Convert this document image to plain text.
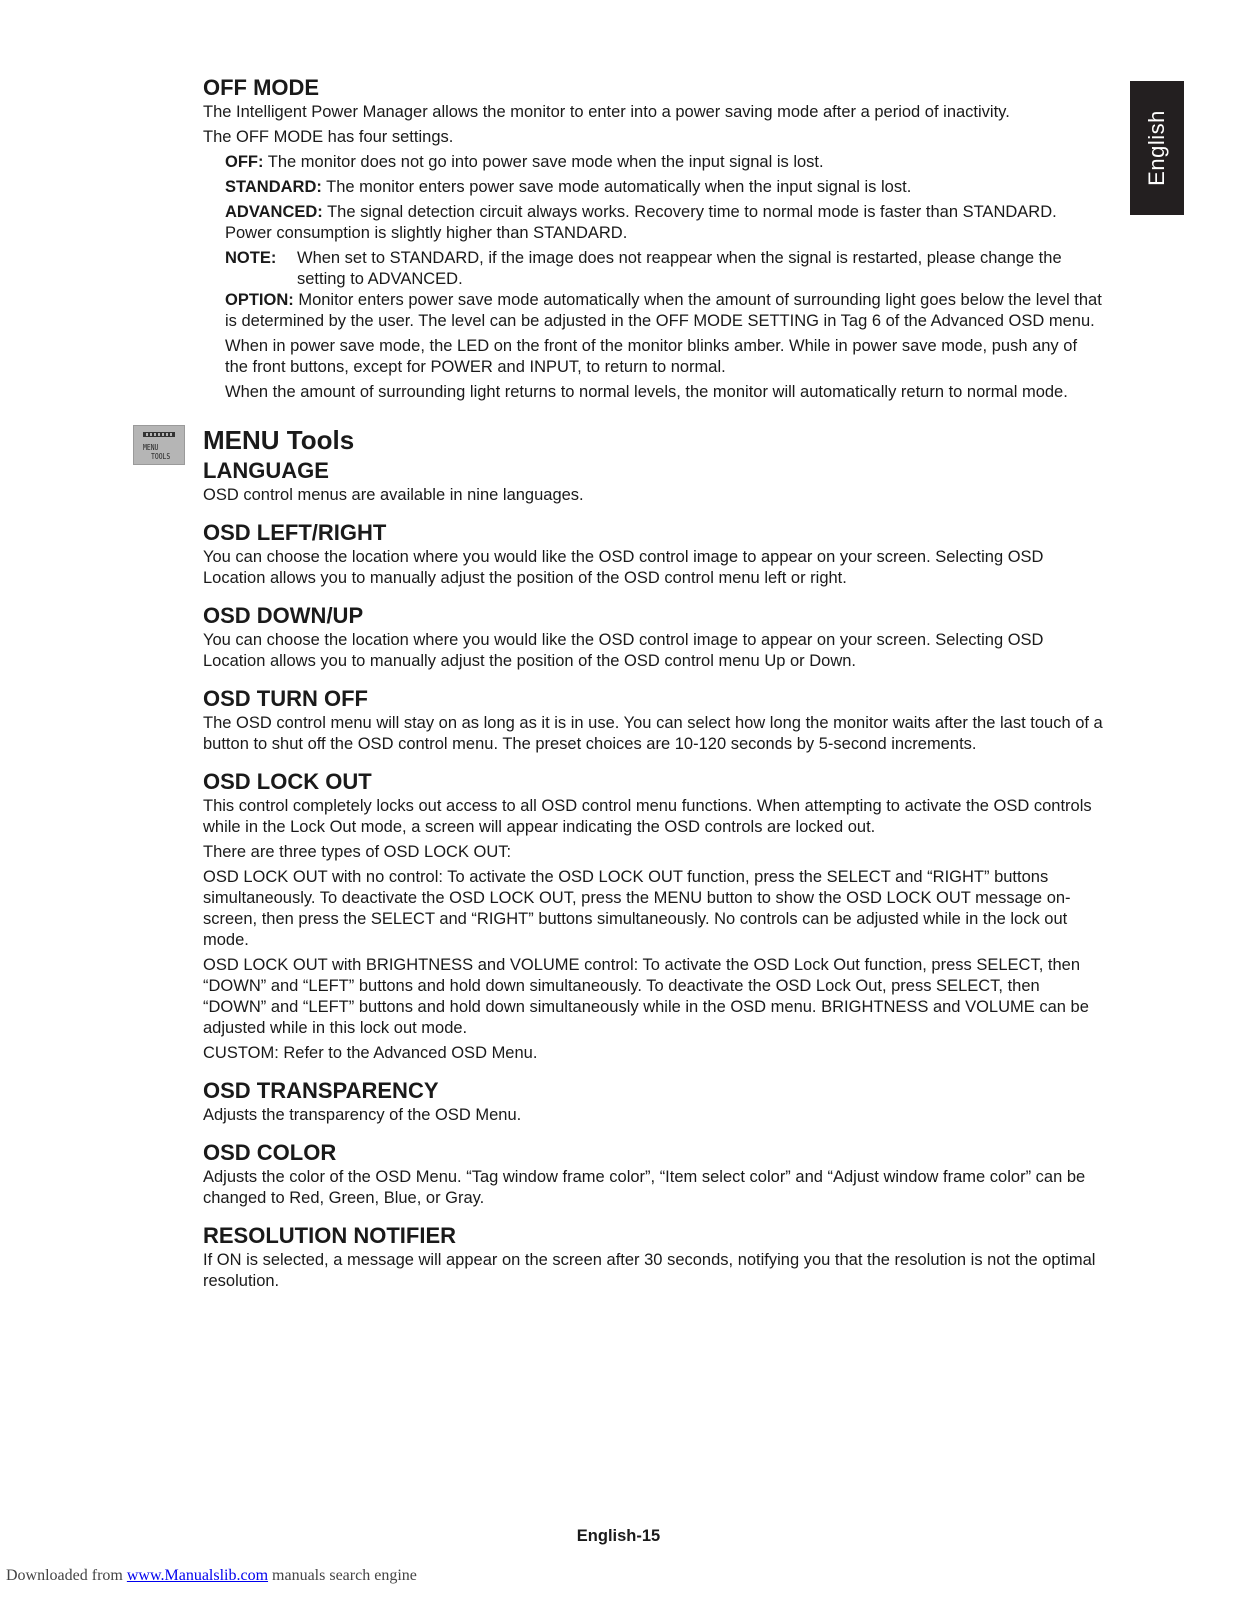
English
OFF MODE

The Intelligent Power Manager allows the monitor to enter into a power saving mode after a period of inactivity.

The OFF MODE has four settings.

OFF: The monitor does not go into power save mode when the input signal is lost.

STANDARD: The monitor enters power save mode automatically when the input signal is lost.

ADVANCED: The signal detection circuit always works. Recovery time to normal mode is faster than STANDARD. Power consumption is slightly higher than STANDARD.

NOTE:	When set to STANDARD, if the image does not reappear when the signal is restarted, please change the setting to ADVANCED.

OPTION: Monitor enters power save mode automatically when the amount of surrounding light goes below the level that is determined by the user. The level can be adjusted in the OFF MODE SETTING in Tag 6 of the Advanced OSD menu.

When in power save mode, the LED on the front of the monitor blinks amber. While in power save mode, push any of the front buttons, except for POWER and INPUT, to return to normal.

When the amount of surrounding light returns to normal levels, the monitor will automatically return to normal mode.

MENU
TOOLS
MENU Tools
LANGUAGE

OSD control menus are available in nine languages.

OSD LEFT/RIGHT

You can choose the location where you would like the OSD control image to appear on your screen. Selecting OSD Location allows you to manually adjust the position of the OSD control menu left or right.

OSD DOWN/UP

You can choose the location where you would like the OSD control image to appear on your screen. Selecting OSD Location allows you to manually adjust the position of the OSD control menu Up or Down.

OSD TURN OFF

The OSD control menu will stay on as long as it is in use. You can select how long the monitor waits after the last touch of a button to shut off the OSD control menu. The preset choices are 10-120 seconds by 5-second increments.

OSD LOCK OUT

This control completely locks out access to all OSD control menu functions. When attempting to activate the OSD controls while in the Lock Out mode, a screen will appear indicating the OSD controls are locked out.

There are three types of OSD LOCK OUT:

OSD LOCK OUT with no control: To activate the OSD LOCK OUT function, press the SELECT and “RIGHT” buttons simultaneously. To deactivate the OSD LOCK OUT, press the MENU button to show the OSD LOCK OUT message on-screen, then press the SELECT and “RIGHT” buttons simultaneously. No controls can be adjusted while in the lock out mode.

OSD LOCK OUT with BRIGHTNESS and VOLUME control: To activate the OSD Lock Out function, press SELECT, then “DOWN” and “LEFT” buttons and hold down simultaneously. To deactivate the OSD Lock Out, press SELECT, then “DOWN” and “LEFT” buttons and hold down simultaneously while in the OSD menu. BRIGHTNESS and VOLUME can be adjusted while in this lock out mode.

CUSTOM: Refer to the Advanced OSD Menu.

OSD TRANSPARENCY

Adjusts the transparency of the OSD Menu.

OSD COLOR

Adjusts the color of the OSD Menu. “Tag window frame color”, “Item select color” and “Adjust window frame color” can be changed to Red, Green, Blue, or Gray.

RESOLUTION NOTIFIER

If ON is selected, a message will appear on the screen after 30 seconds, notifying you that the resolution is not the optimal resolution.

English-15
Downloaded from www.Manualslib.com manuals search engine
